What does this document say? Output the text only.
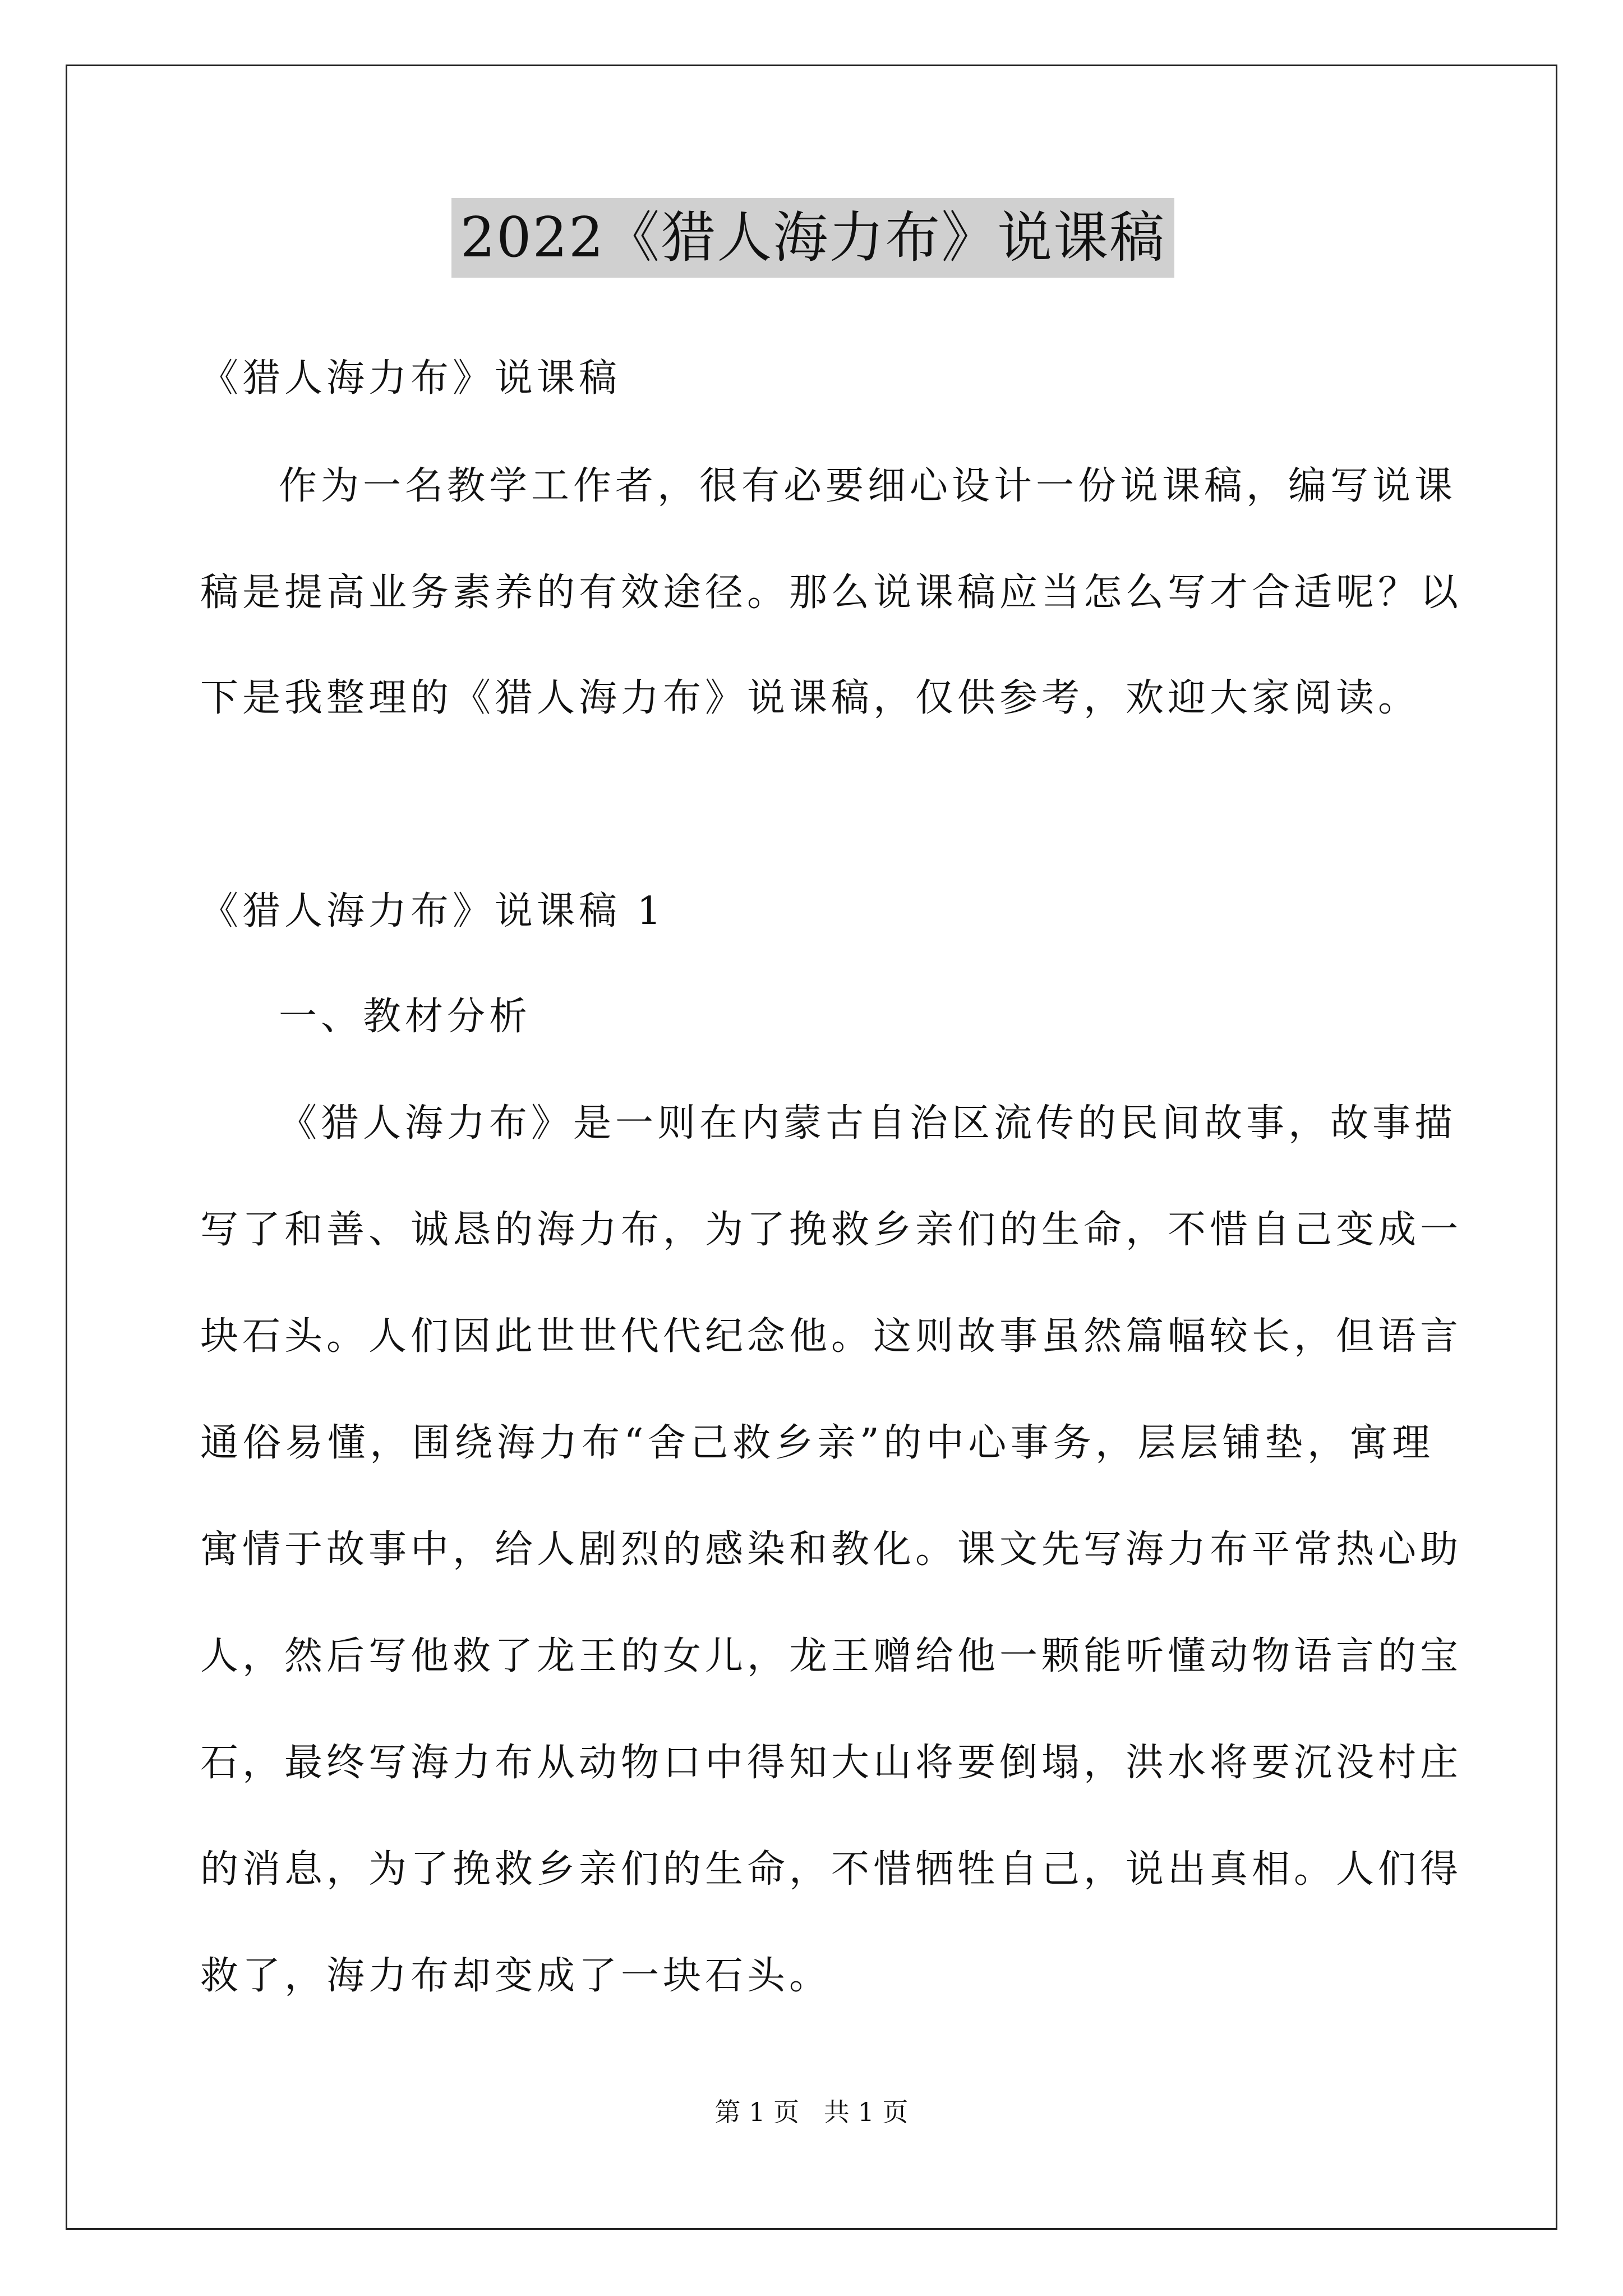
2022《猎人海力布》说课稿
《猎人海力布》说课稿
作为一名教学工作者，很有必要细心设计一份说课稿，编写说课
稿是提高业务素养的有效途径。那么说课稿应当怎么写才合适呢？以
下是我整理的《猎人海力布》说课稿，仅供参考，欢迎大家阅读。
《猎人海力布》说课稿 1
一、教材分析
《猎人海力布》是一则在内蒙古自治区流传的民间故事，故事描
写了和善、诚恳的海力布，为了挽救乡亲们的生命，不惜自己变成一
块石头。人们因此世世代代纪念他。这则故事虽然篇幅较长，但语言
通俗易懂，围绕海力布“舍己救乡亲”的中心事务，层层铺垫，寓理
寓情于故事中，给人剧烈的感染和教化。课文先写海力布平常热心助
人，然后写他救了龙王的女儿，龙王赠给他一颗能听懂动物语言的宝
石，最终写海力布从动物口中得知大山将要倒塌，洪水将要沉没村庄
的消息，为了挽救乡亲们的生命，不惜牺牲自己，说出真相。人们得
救了，海力布却变成了一块石头。
第 1 页   共 1 页
